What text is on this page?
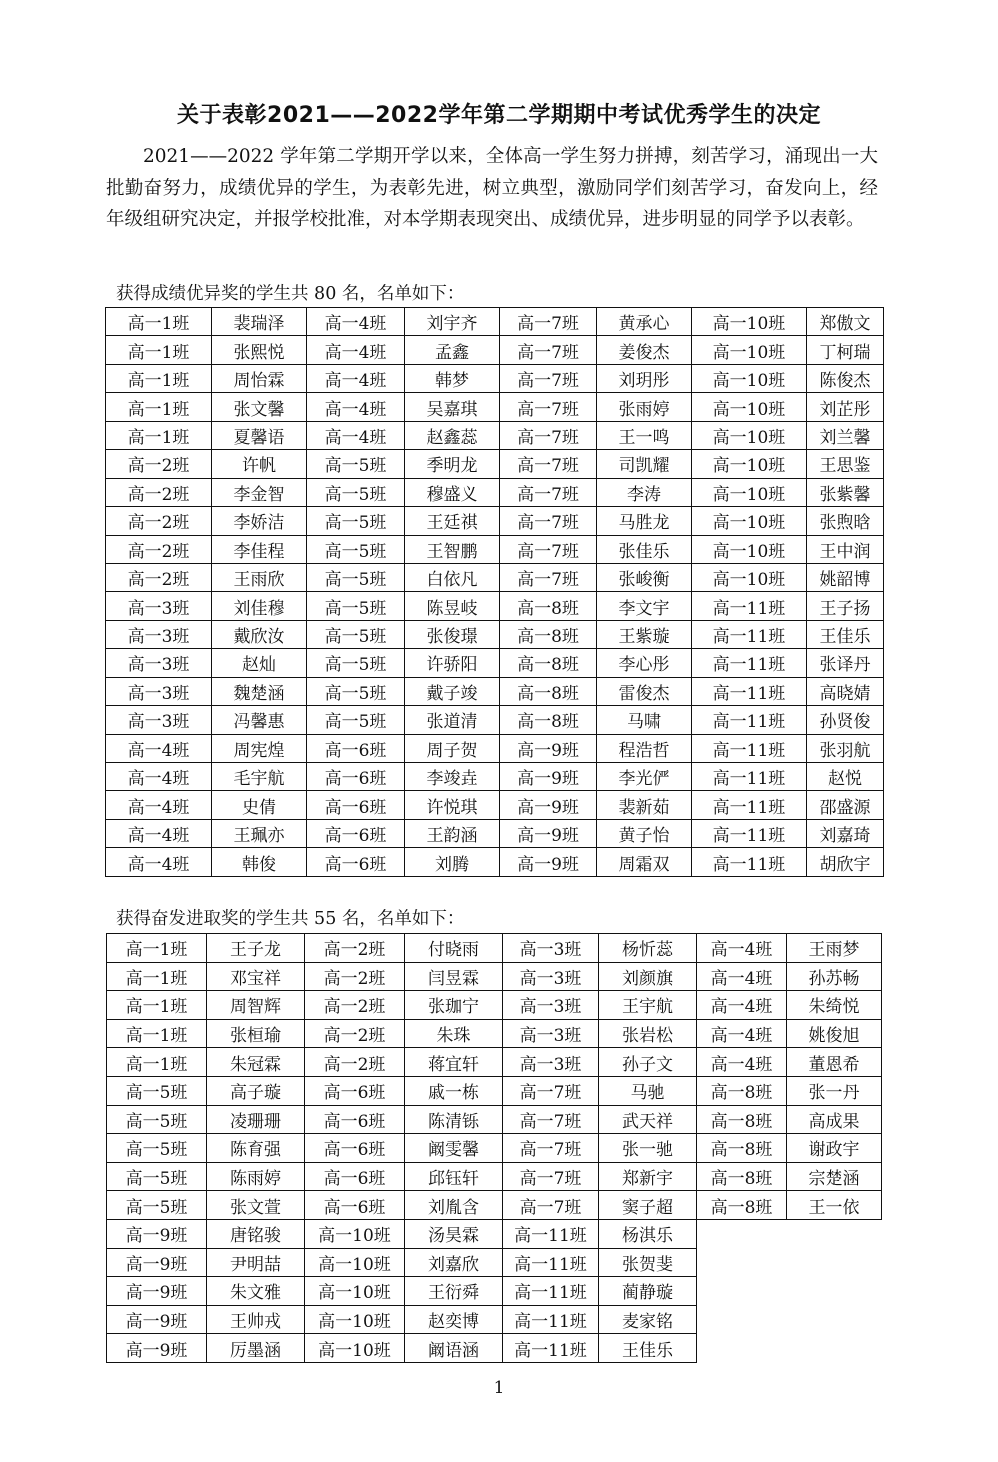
关于表彰2021——2022学年第二学期期中考试优秀学生的决定

2021——2022 学年第二学期开学以来，全体高一学生努力拼搏，刻苦学习，涌现出一大批勤奋努力，成绩优异的学生，为表彰先进，树立典型，激励同学们刻苦学习，奋发向上，经年级组研究决定，并报学校批准，对本学期表现突出、成绩优异，进步明显的同学予以表彰。

获得成绩优异奖的学生共 80 名，名单如下：
高一1班	裴瑞泽	高一4班	刘宇齐	高一7班	黄承心	高一10班	郑傲文
高一1班	张熙悦	高一4班	孟鑫	高一7班	姜俊杰	高一10班	丁柯瑞
高一1班	周怡霖	高一4班	韩梦	高一7班	刘玥彤	高一10班	陈俊杰
高一1班	张文馨	高一4班	吴嘉琪	高一7班	张雨婷	高一10班	刘芷彤
高一1班	夏馨语	高一4班	赵鑫蕊	高一7班	王一鸣	高一10班	刘兰馨
高一2班	许帆	高一5班	季明龙	高一7班	司凯耀	高一10班	王思鉴
高一2班	李金智	高一5班	穆盛义	高一7班	李涛	高一10班	张紫馨
高一2班	李娇洁	高一5班	王廷祺	高一7班	马胜龙	高一10班	张煦晗
高一2班	李佳程	高一5班	王智鹏	高一7班	张佳乐	高一10班	王中润
高一2班	王雨欣	高一5班	白依凡	高一7班	张峻衡	高一10班	姚韶博
高一3班	刘佳穆	高一5班	陈昱岐	高一8班	李文宇	高一11班	王子扬
高一3班	戴欣汝	高一5班	张俊璟	高一8班	王紫璇	高一11班	王佳乐
高一3班	赵灿	高一5班	许骄阳	高一8班	李心彤	高一11班	张译丹
高一3班	魏楚涵	高一5班	戴子竣	高一8班	雷俊杰	高一11班	高晓婧
高一3班	冯馨惠	高一5班	张道清	高一8班	马啸	高一11班	孙贤俊
高一4班	周宪煌	高一6班	周子贺	高一9班	程浩哲	高一11班	张羽航
高一4班	毛宇航	高一6班	李竣垚	高一9班	李光俨	高一11班	赵悦
高一4班	史倩	高一6班	许悦琪	高一9班	裴新茹	高一11班	邵盛源
高一4班	王珮亦	高一6班	王韵涵	高一9班	黄子怡	高一11班	刘嘉琦
高一4班	韩俊	高一6班	刘腾	高一9班	周霜双	高一11班	胡欣宇
获得奋发进取奖的学生共 55 名，名单如下：
高一1班	王子龙	高一2班	付晓雨	高一3班	杨忻蕊	高一4班	王雨梦
高一1班	邓宝祥	高一2班	闫昱霖	高一3班	刘颜旗	高一4班	孙苏畅
高一1班	周智辉	高一2班	张珈宁	高一3班	王宇航	高一4班	朱绮悦
高一1班	张桓瑜	高一2班	朱珠	高一3班	张岩松	高一4班	姚俊旭
高一1班	朱冠霖	高一2班	蒋宜轩	高一3班	孙子文	高一4班	董恩希
高一5班	高子璇	高一6班	戚一栋	高一7班	马驰	高一8班	张一丹
高一5班	凌珊珊	高一6班	陈清铄	高一7班	武天祥	高一8班	高成果
高一5班	陈育强	高一6班	阚雯馨	高一7班	张一驰	高一8班	谢政宇
高一5班	陈雨婷	高一6班	邱钰轩	高一7班	郑新宇	高一8班	宗楚涵
高一5班	张文萱	高一6班	刘胤含	高一7班	窦子超	高一8班	王一依
高一9班	唐铭骏	高一10班	汤昊霖	高一11班	杨淇乐		
高一9班	尹明喆	高一10班	刘嘉欣	高一11班	张贺斐		
高一9班	朱文雅	高一10班	王衍舜	高一11班	蔺静璇		
高一9班	王帅戎	高一10班	赵奕博	高一11班	麦家铭		
高一9班	厉墨涵	高一10班	阚语涵	高一11班	王佳乐		
1
